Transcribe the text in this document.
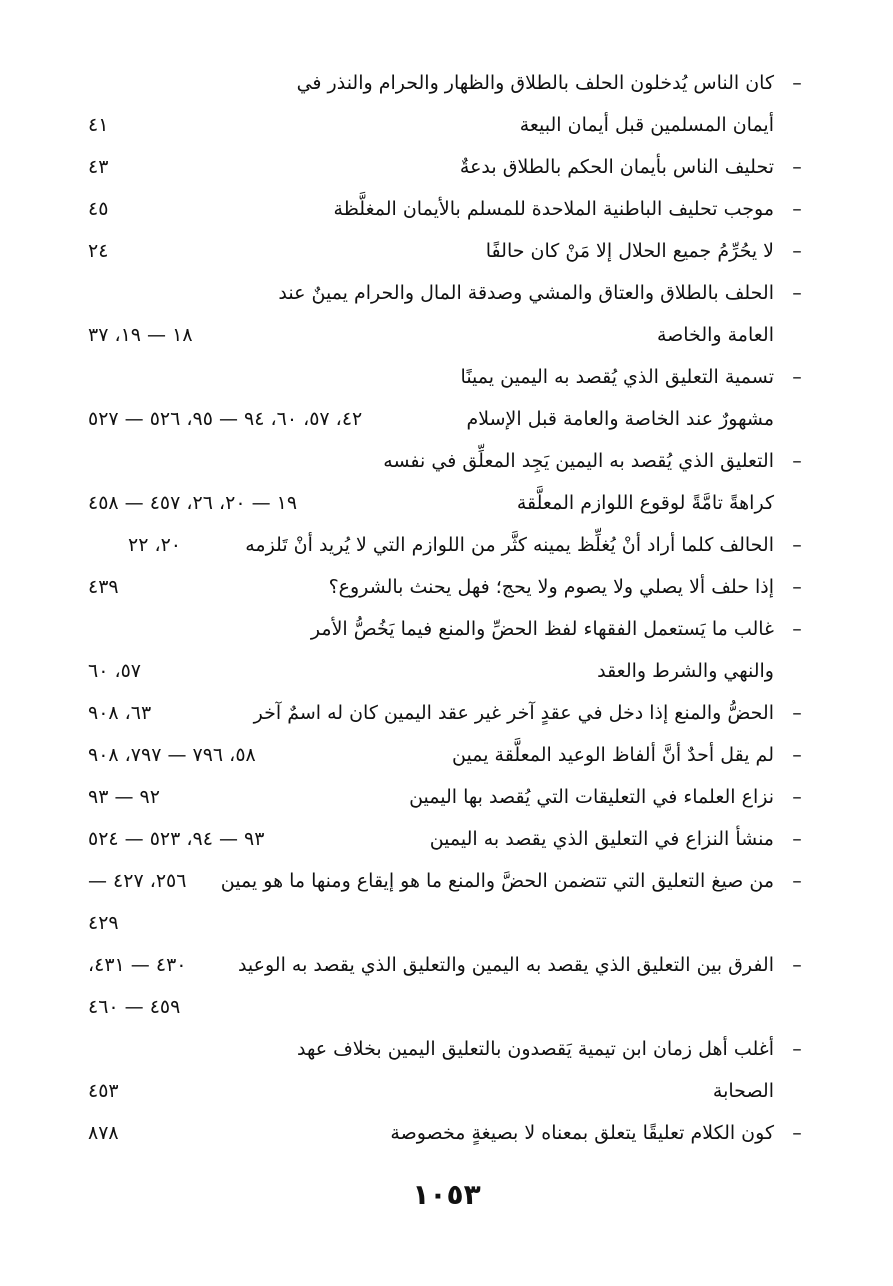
–
كان الناس يُدخلون الحلف بالطلاق والظهار والحرام والنذر في
أيمان المسلمين قبل أيمان البيعة
٤١
–
تحليف الناس بأيمان الحكم بالطلاق بدعةٌ
٤٣
–
موجب تحليف الباطنية الملاحدة للمسلم بالأيمان المغلَّظة
٤٥
–
لا يحُرِّمُ جميع الحلال إلا مَنْ كان حالفًا
٢٤
–
الحلف بالطلاق والعتاق والمشي وصدقة المال والحرام يمينٌ عند
العامة والخاصة
١٨ — ١٩، ٣٧
–
تسمية التعليق الذي يُقصد به اليمين يمينًا
مشهورٌ عند الخاصة والعامة قبل الإسلام
٤٢، ٥٧، ٦٠، ٩٤ — ٩٥، ٥٢٦ — ٥٢٧
–
التعليق الذي يُقصد به اليمين يَجِد المعلِّق في نفسه
كراهةً تامَّةً لوقوع اللوازم المعلَّقة
١٩ — ٢٠، ٢٦، ٤٥٧ — ٤٥٨
–
الحالف كلما أراد أنْ يُغلِّظ يمينه كثَّر من اللوازم التي لا يُريد أنْ تَلزمه
٢٠، ٢٢
–
إذا حلف ألا يصلي ولا يصوم ولا يحج؛ فهل يحنث بالشروع؟
٤٣٩
–
غالب ما يَستعمل الفقهاء لفظ الحضِّ والمنع فيما يَخُصُّ الأمر
والنهي والشرط والعقد
٥٧، ٦٠
–
الحضُّ والمنع إذا دخل في عقدٍ آخر غير عقد اليمين كان له اسمٌ آخر
٦٣، ٩٠٨
–
لم يقل أحدٌ أنَّ ألفاظ الوعيد المعلَّقة يمين
٥٨، ٧٩٦ — ٧٩٧، ٩٠٨
–
نزاع العلماء في التعليقات التي يُقصد بها اليمين
٩٢ — ٩٣
–
منشأ النزاع في التعليق الذي يقصد به اليمين
٩٣ — ٩٤، ٥٢٣ — ٥٢٤
–
من صيغ التعليق التي تتضمن الحضَّ والمنع ما هو إيقاع ومنها ما هو يمين
٢٥٦، ٤٢٧ —
٤٢٩
–
الفرق بين التعليق الذي يقصد به اليمين والتعليق الذي يقصد به الوعيد
٤٣٠ — ٤٣١،
٤٥٩ — ٤٦٠
–
أغلب أهل زمان ابن تيمية يَقصدون بالتعليق اليمين بخلاف عهد
الصحابة
٤٥٣
–
كون الكلام تعليقًا يتعلق بمعناه لا بصيغةٍ مخصوصة
٨٧٨
١٠٥٣
